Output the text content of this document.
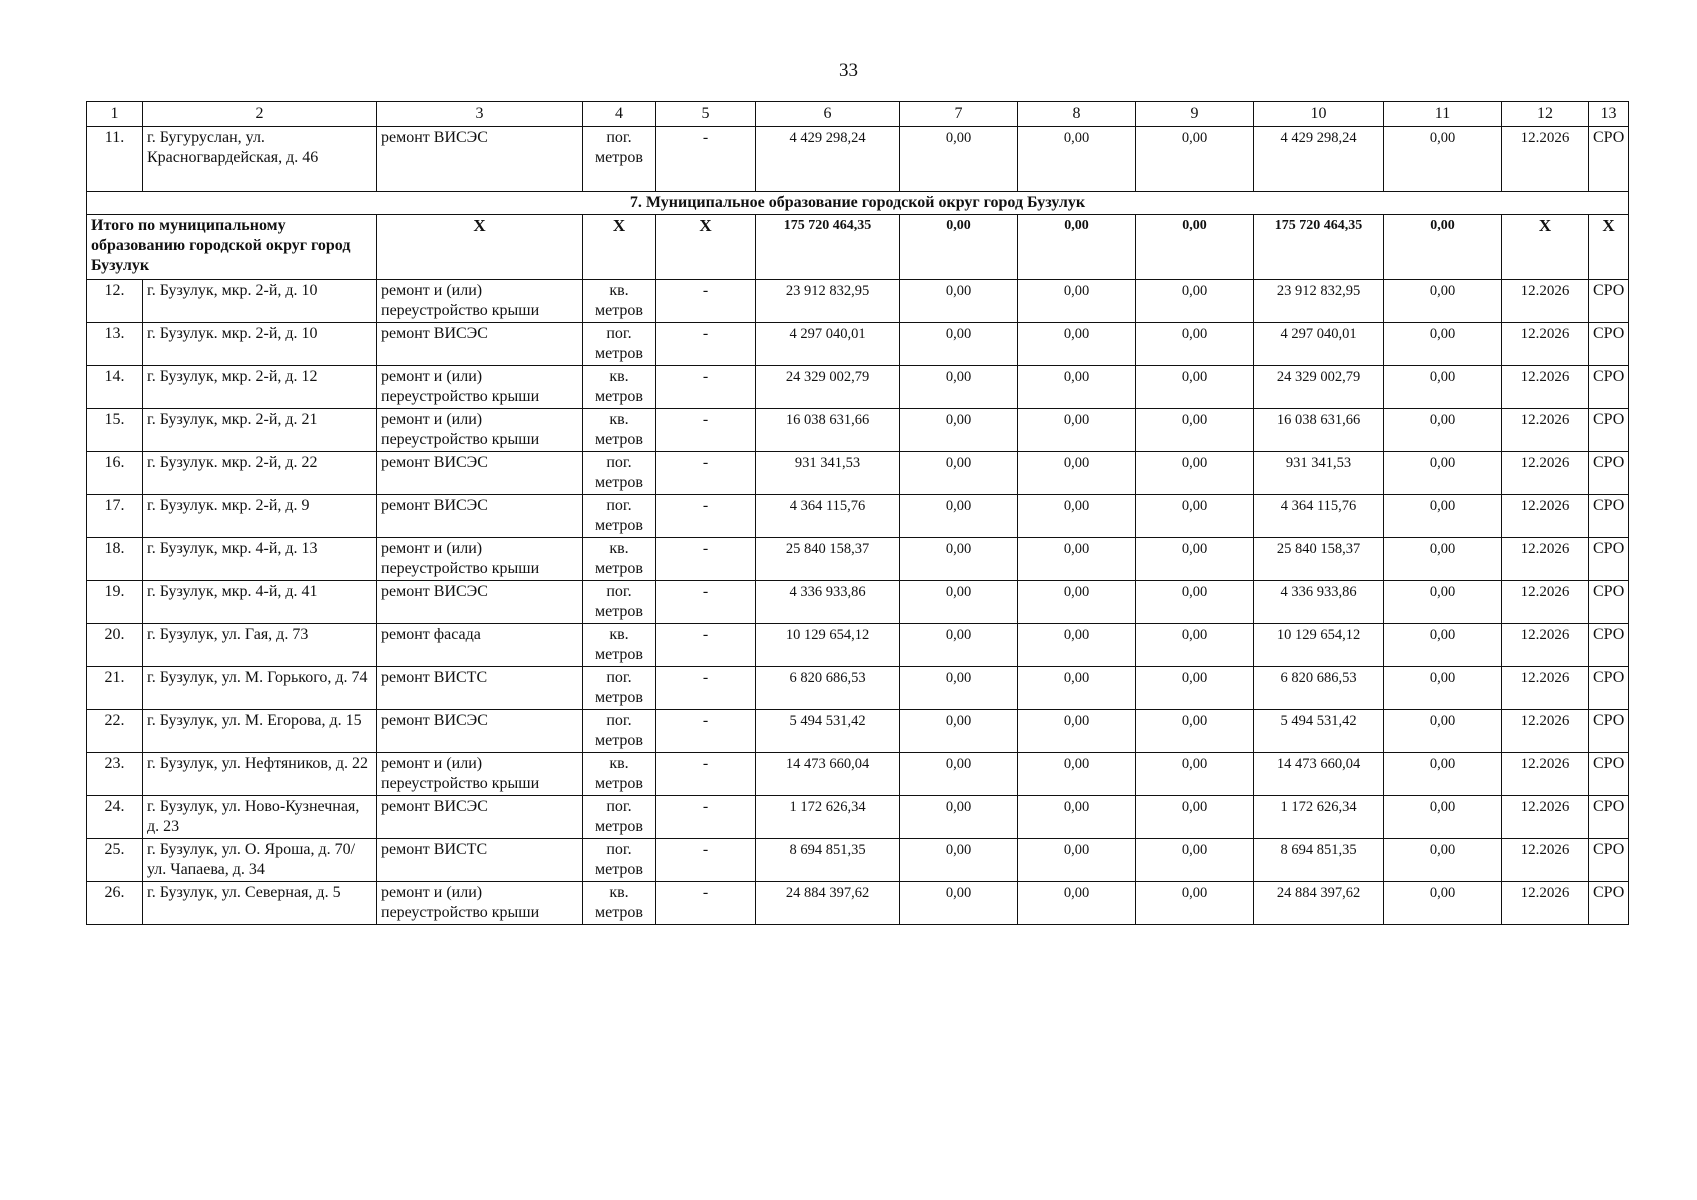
33
1	2	3	4	5	6	7	8	9	10	11	12	13
11.	г. Бугуруслан, ул. Красногвардейская, д. 46	ремонт ВИСЭС	пог. метров	-	4 429 298,24	0,00	0,00	0,00	4 429 298,24	0,00	12.2026	СРО
7. Муниципальное образование городской округ город Бузулук												
Итого по муниципальному образованию городской округ город Бузулук		Х	Х	Х	175 720 464,35	0,00	0,00	0,00	175 720 464,35	0,00	Х	Х
12.	г. Бузулук, мкр. 2-й, д. 10	ремонт и (или) переустройство крыши	кв. метров	-	23 912 832,95	0,00	0,00	0,00	23 912 832,95	0,00	12.2026	СРО
13.	г. Бузулук. мкр. 2-й, д. 10	ремонт ВИСЭС	пог. метров	-	4 297 040,01	0,00	0,00	0,00	4 297 040,01	0,00	12.2026	СРО
14.	г. Бузулук, мкр. 2-й, д. 12	ремонт и (или) переустройство крыши	кв. метров	-	24 329 002,79	0,00	0,00	0,00	24 329 002,79	0,00	12.2026	СРО
15.	г. Бузулук, мкр. 2-й, д. 21	ремонт и (или) переустройство крыши	кв. метров	-	16 038 631,66	0,00	0,00	0,00	16 038 631,66	0,00	12.2026	СРО
16.	г. Бузулук. мкр. 2-й, д. 22	ремонт ВИСЭС	пог. метров	-	931 341,53	0,00	0,00	0,00	931 341,53	0,00	12.2026	СРО
17.	г. Бузулук. мкр. 2-й, д. 9	ремонт ВИСЭС	пог. метров	-	4 364 115,76	0,00	0,00	0,00	4 364 115,76	0,00	12.2026	СРО
18.	г. Бузулук, мкр. 4-й, д. 13	ремонт и (или) переустройство крыши	кв. метров	-	25 840 158,37	0,00	0,00	0,00	25 840 158,37	0,00	12.2026	СРО
19.	г. Бузулук, мкр. 4-й, д. 41	ремонт ВИСЭС	пог. метров	-	4 336 933,86	0,00	0,00	0,00	4 336 933,86	0,00	12.2026	СРО
20.	г. Бузулук, ул. Гая, д. 73	ремонт фасада	кв. метров	-	10 129 654,12	0,00	0,00	0,00	10 129 654,12	0,00	12.2026	СРО
21.	г. Бузулук, ул. М. Горького, д. 74	ремонт ВИСТС	пог. метров	-	6 820 686,53	0,00	0,00	0,00	6 820 686,53	0,00	12.2026	СРО
22.	г. Бузулук, ул. М. Егорова, д. 15	ремонт ВИСЭС	пог. метров	-	5 494 531,42	0,00	0,00	0,00	5 494 531,42	0,00	12.2026	СРО
23.	г. Бузулук, ул. Нефтяников, д. 22	ремонт и (или) переустройство крыши	кв. метров	-	14 473 660,04	0,00	0,00	0,00	14 473 660,04	0,00	12.2026	СРО
24.	г. Бузулук, ул. Ново-Кузнечная, д. 23	ремонт ВИСЭС	пог. метров	-	1 172 626,34	0,00	0,00	0,00	1 172 626,34	0,00	12.2026	СРО
25.	г. Бузулук, ул. О. Яроша, д. 70/ул. Чапаева, д. 34	ремонт ВИСТС	пог. метров	-	8 694 851,35	0,00	0,00	0,00	8 694 851,35	0,00	12.2026	СРО
26.	г. Бузулук, ул. Северная, д. 5	ремонт и (или) переустройство крыши	кв. метров	-	24 884 397,62	0,00	0,00	0,00	24 884 397,62	0,00	12.2026	СРО
